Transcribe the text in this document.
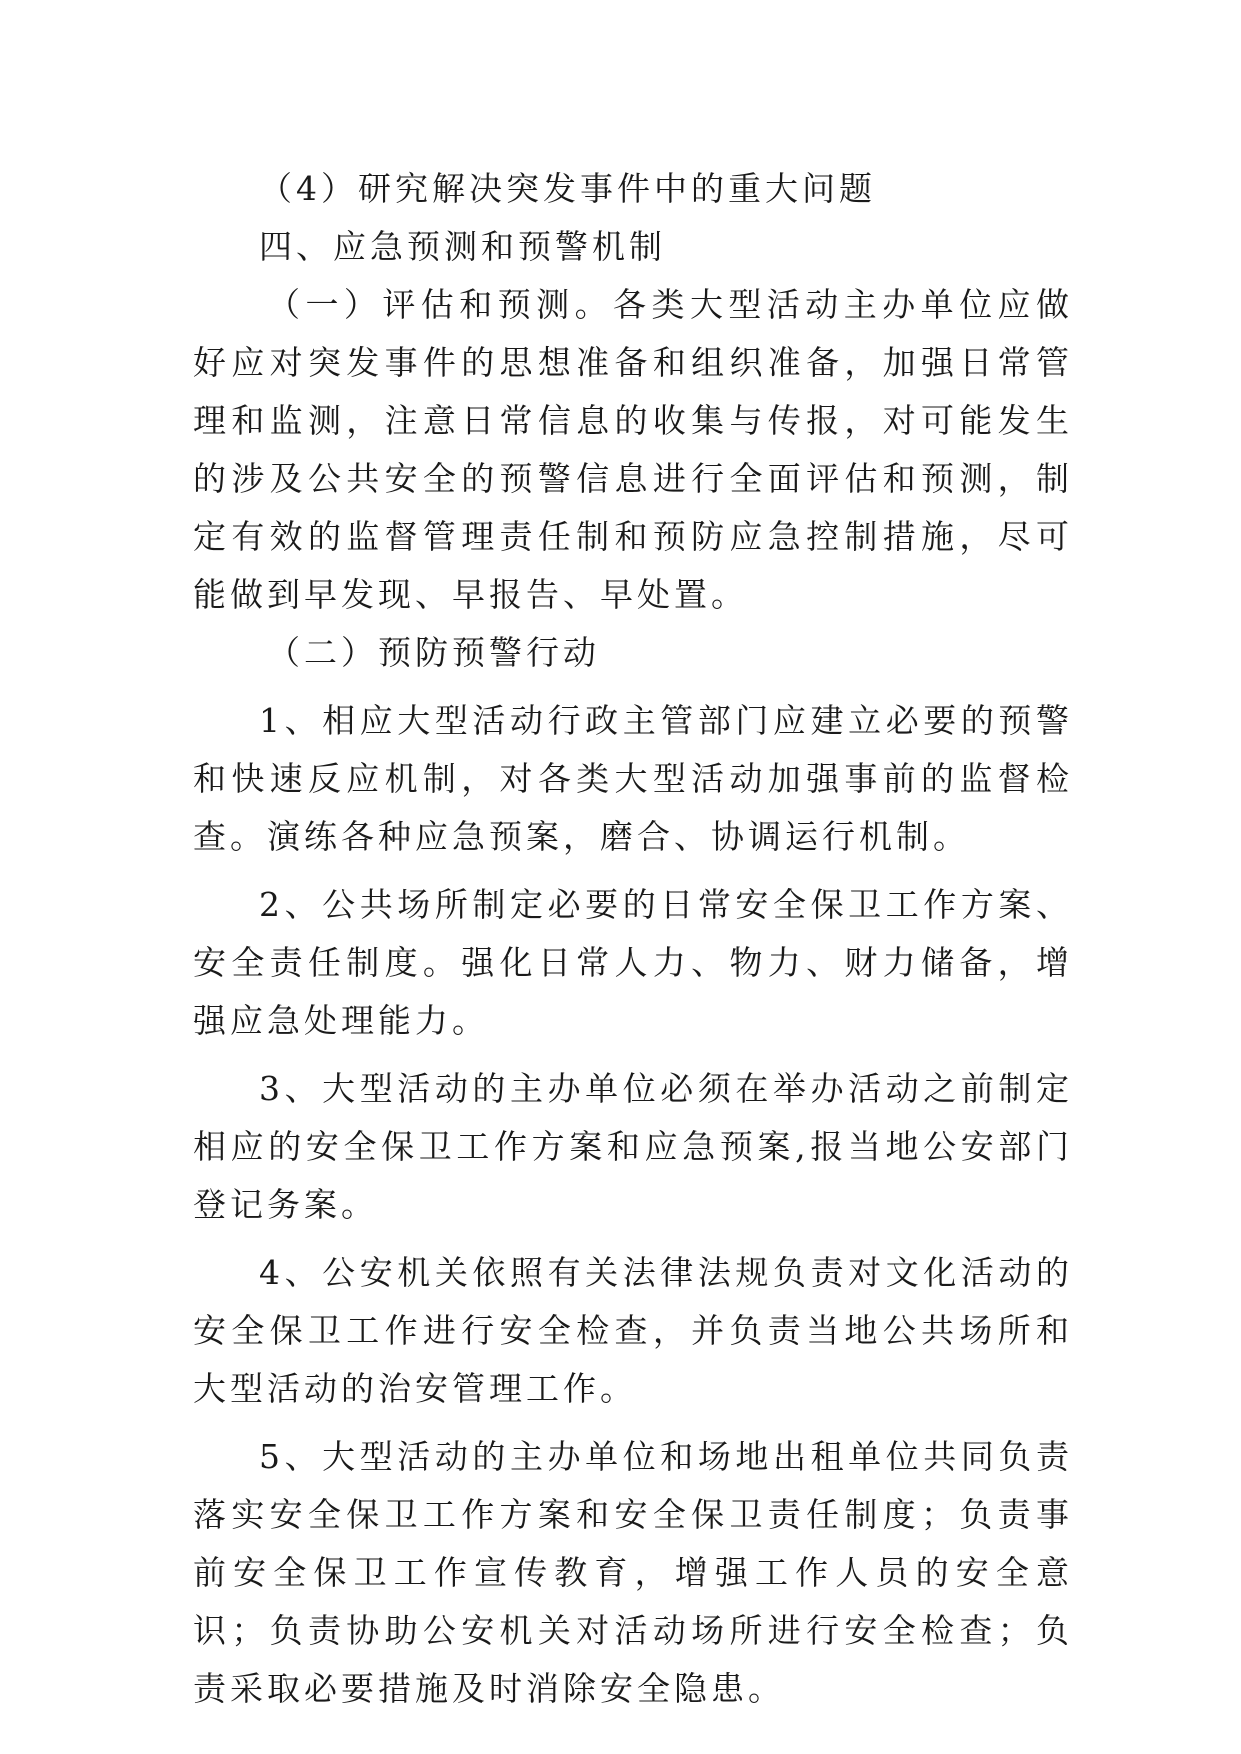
（4）研究解决突发事件中的重大问题

四、应急预测和预警机制

（一）评估和预测。各类大型活动主办单位应做好应对突发事件的思想准备和组织准备，加强日常管理和监测，注意日常信息的收集与传报，对可能发生的涉及公共安全的预警信息进行全面评估和预测，制定有效的监督管理责任制和预防应急控制措施，尽可能做到早发现、早报告、早处置。

（二）预防预警行动

1、相应大型活动行政主管部门应建立必要的预警和快速反应机制，对各类大型活动加强事前的监督检查。演练各种应急预案，磨合、协调运行机制。

2、公共场所制定必要的日常安全保卫工作方案、安全责任制度。强化日常人力、物力、财力储备，增强应急处理能力。

3、大型活动的主办单位必须在举办活动之前制定相应的安全保卫工作方案和应急预案,报当地公安部门登记务案。

4、公安机关依照有关法律法规负责对文化活动的安全保卫工作进行安全检查，并负责当地公共场所和大型活动的治安管理工作。

5、大型活动的主办单位和场地出租单位共同负责落实安全保卫工作方案和安全保卫责任制度；负责事前安全保卫工作宣传教育，增强工作人员的安全意识；负责协助公安机关对活动场所进行安全检查；负责采取必要措施及时消除安全隐患。
